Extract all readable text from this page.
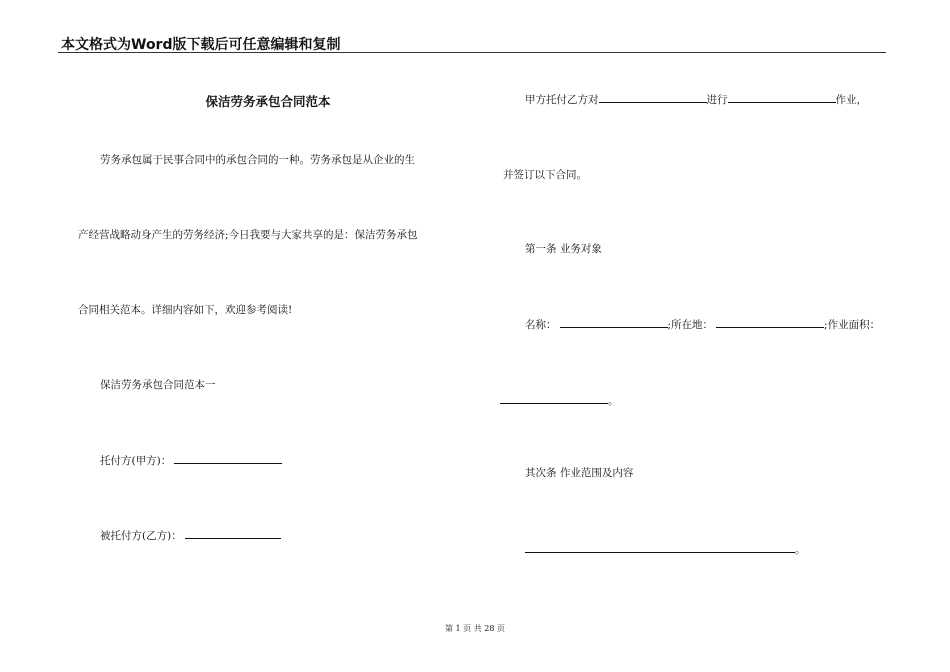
本文格式为Word版下载后可任意编辑和复制
保洁劳务承包合同范本
劳务承包属于民事合同中的承包合同的一种。劳务承包是从企业的生
产经营战略动身产生的劳务经济;今日我要与大家共享的是：保洁劳务承包
合同相关范本。详细内容如下，欢迎参考阅读!
保洁劳务承包合同范本一
托付方(甲方)：
被托付方(乙方)：
甲方托付乙方对	进行	作业，
并签订以下合同。
第一条 业务对象
名称：	;所在地：	;作业面积：
。
其次条 作业范围及内容
。
第 1 页 共 28 页
